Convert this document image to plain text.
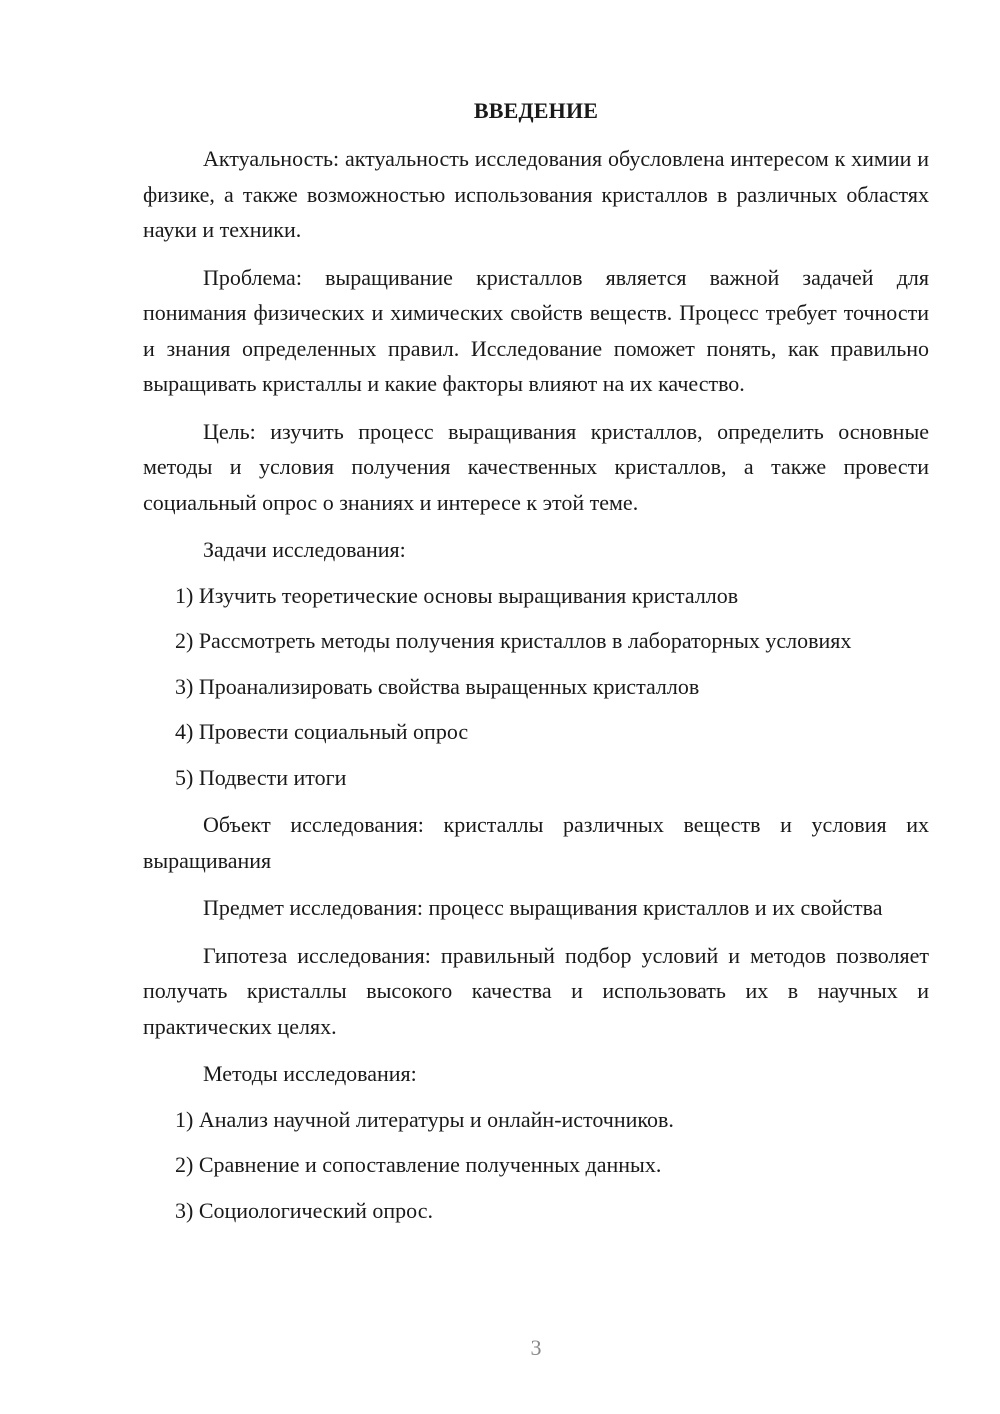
ВВЕДЕНИЕ

Актуальность: актуальность исследования обусловлена интересом к химии и физике, а также возможностью использования кристаллов в различных областях науки и техники.

Проблема: выращивание кристаллов является важной задачей для понимания физических и химических свойств веществ. Процесс требует точности и знания определенных правил. Исследование поможет понять, как правильно выращивать кристаллы и какие факторы влияют на их качество.

Цель: изучить процесс выращивания кристаллов, определить основные методы и условия получения качественных кристаллов, а также провести социальный опрос о знаниях и интересе к этой теме.

Задачи исследования:

1) Изучить теоретические основы выращивания кристаллов

2) Рассмотреть методы получения кристаллов в лабораторных условиях

3) Проанализировать свойства выращенных кристаллов

4) Провести социальный опрос

5) Подвести итоги

Объект исследования: кристаллы различных веществ и условия их выращивания

Предмет исследования: процесс выращивания кристаллов и их свойства

Гипотеза исследования: правильный подбор условий и методов позволяет получать кристаллы высокого качества и использовать их в научных и практических целях.

Методы исследования:

1) Анализ научной литературы и онлайн-источников.

2) Сравнение и сопоставление полученных данных.

3) Социологический опрос.

3
